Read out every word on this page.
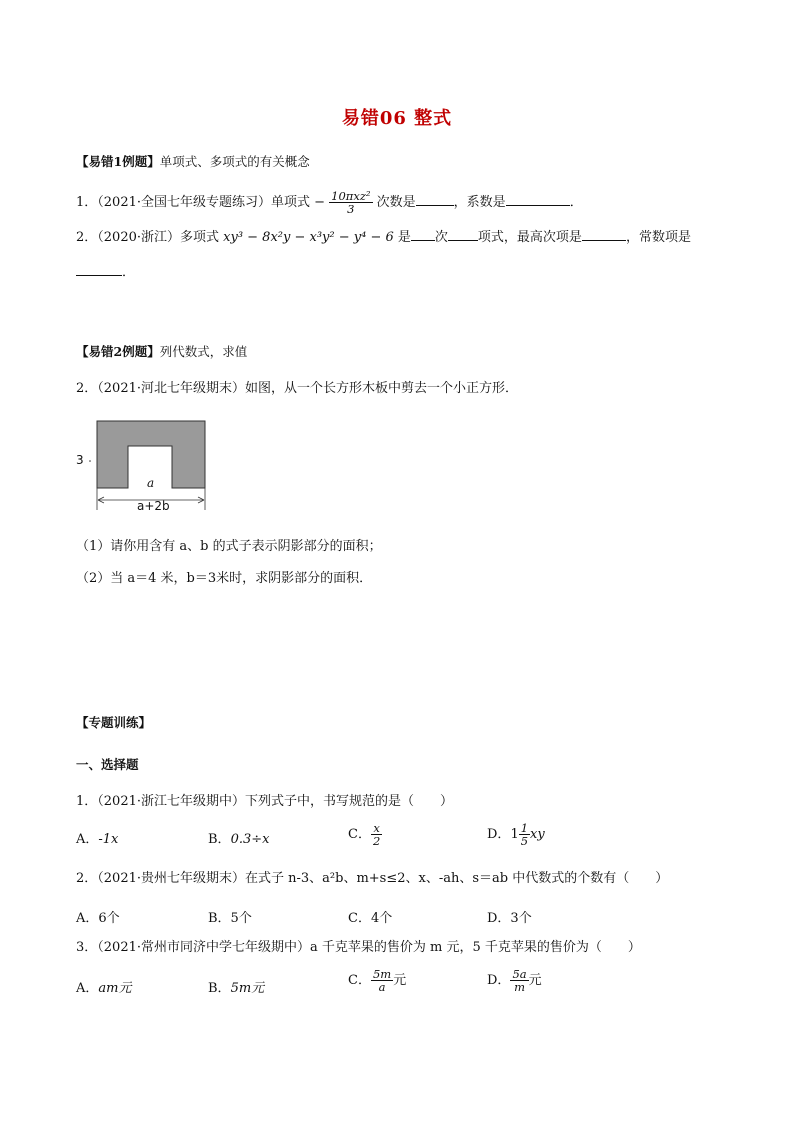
易错06 整式
【易错1例题】单项式、多项式的有关概念
1．（2021·全国七年级专题练习）单项式 − $\frac{\text{10πxz²}}{3}$ 次数是	，系数是	．
2．（2020·浙江）多项式 xy³ − 8x²y − x³y² − y⁴ − 6 是 次 项式，最高次项是	，常数项是
．
【易错2例题】列代数式，求值
2．（2021·河北七年级期末）如图，从一个长方形木板中剪去一个小正方形．
3
a
a+2b
（1）请你用含有 a、b 的式子表示阴影部分的面积；
（2）当 a＝4 米，b＝3米时，求阴影部分的面积．
【专题训练】
一、选择题
1．（2021·浙江七年级期中）下列式子中，书写规范的是（　　）
A．-1x	B．0.3÷x	C． $\frac{x}{2}$	D．$1 \frac{1}{5}$ xy
2．（2021·贵州七年级期末）在式子 n-3、a²b、m+s≤2、x、-ah、s＝ab 中代数式的个数有（　　）
A．6个	B．5个	C．4个	D．3个
3．（2021·常州市同济中学七年级期中）a 千克苹果的售价为 m 元，5 千克苹果的售价为（　　）
A．am元	B．5m元
C． $\frac{5m}{a}$ 元	D． $\frac{5a}{m}$ 元
